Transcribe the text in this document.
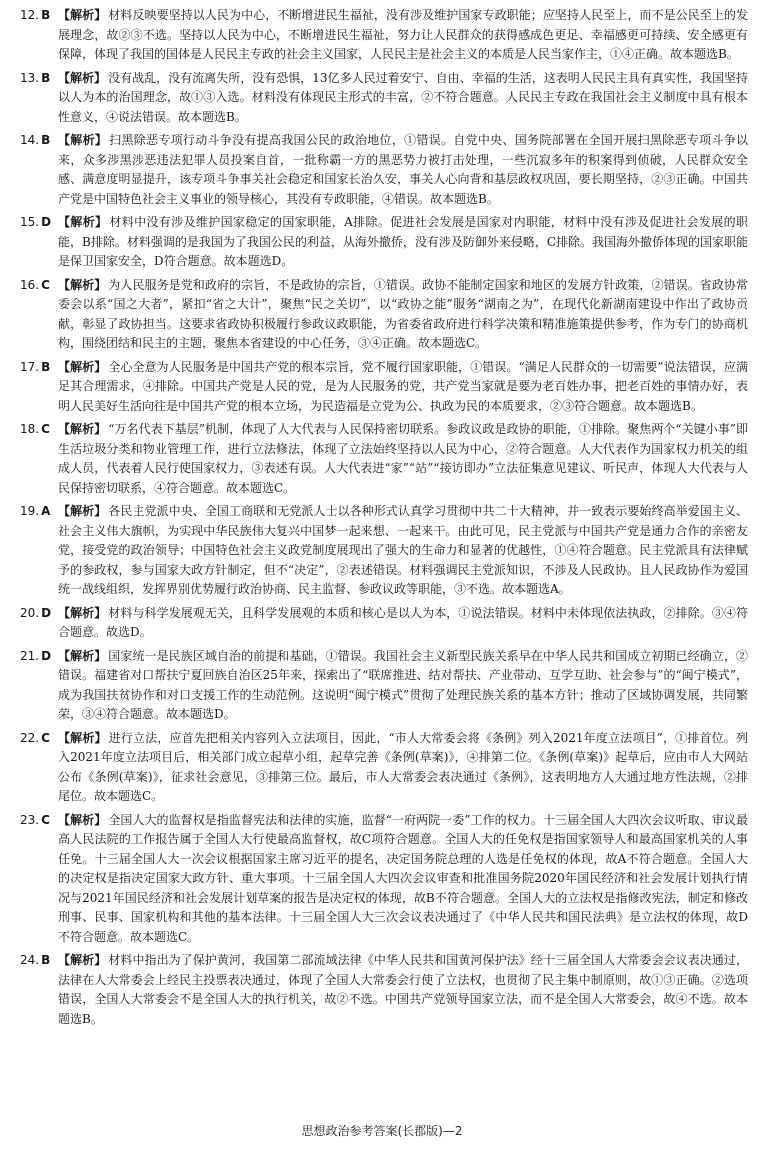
12. B 【解析】 材料反映要坚持以人民为中心，不断增进民生福祉，没有涉及维护国家专政职能；应坚持人民至上，而不是公民至上的发展理念，故②③不选。坚持以人民为中心，不断增进民生福祉，努力让人民群众的获得感成色更足、幸福感更可持续、安全感更有保障，体现了我国的国体是人民民主专政的社会主义国家，人民民主是社会主义的本质是人民当家作主，①④正确。故本题选B。
13. B 【解析】 没有战乱，没有流离失所，没有恐惧，13亿多人民过着安宁、自由、幸福的生活，这表明人民民主具有真实性，我国坚持以人为本的治国理念，故①③入选。材料没有体现民主形式的丰富，②不符合题意。人民民主专政在我国社会主义制度中具有根本性意义，④说法错误。故本题选B。
14. B 【解析】 扫黑除恶专项行动斗争没有提高我国公民的政治地位，①错误。自党中央、国务院部署在全国开展扫黑除恶专项斗争以来，众多涉黑涉恶违法犯罪人员投案自首，一批称霸一方的黑恶势力被打击处理，一些沉寂多年的积案得到侦破，人民群众安全感、满意度明显提升，该专项斗争事关社会稳定和国家长治久安，事关人心向背和基层政权巩固，要长期坚持，②③正确。中国共产党是中国特色社会主义事业的领导核心，其没有专政职能，④错误。故本题选B。
15. D 【解析】 材料中没有涉及维护国家稳定的国家职能，A排除。促进社会发展是国家对内职能，材料中没有涉及促进社会发展的职能，B排除。材料强调的是我国为了我国公民的利益，从海外撤侨，没有涉及防御外来侵略，C排除。我国海外撤侨体现的国家职能是保卫国家安全，D符合题意。故本题选D。
16. C 【解析】 为人民服务是党和政府的宗旨，不是政协的宗旨，①错误。政协不能制定国家和地区的发展方针政策，②错误。省政协常委会以系“国之大者”，紧扣“省之大计”，聚焦“民之关切”，以“政协之能”服务“湖南之为”，在现代化新湖南建设中作出了政协贡献，彰显了政协担当。这要求省政协积极履行参政议政职能，为省委省政府进行科学决策和精准施策提供参考，作为专门的协商机构，围绕团结和民主的主题，聚焦本省建设的中心任务，③④正确。故本题选C。
17. B 【解析】 全心全意为人民服务是中国共产党的根本宗旨，党不履行国家职能，①错误。“满足人民群众的一切需要”说法错误，应满足其合理需求，④排除。中国共产党是人民的党，是为人民服务的党，共产党当家就是要为老百姓办事，把老百姓的事情办好，表明人民美好生活向往是中国共产党的根本立场，为民造福是立党为公、执政为民的本质要求，②③符合题意。故本题选B。
18. C 【解析】 “万名代表下基层”机制，体现了人大代表与人民保持密切联系。参政议政是政协的职能，①排除。聚焦两个“关键小事”即生活垃圾分类和物业管理工作，进行立法修法，体现了立法始终坚持以人民为中心，②符合题意。人大代表作为国家权力机关的组成人员，代表着人民行使国家权力，③表述有误。人大代表进“家”“站”“接访即办”立法征集意见建议、听民声，体现人大代表与人民保持密切联系，④符合题意。故本题选C。
19. A 【解析】 各民主党派中央、全国工商联和无党派人士以各种形式认真学习贯彻中共二十大精神，并一致表示要始终高举爱国主义、社会主义伟大旗帜，为实现中华民族伟大复兴中国梦一起来想、一起来干。由此可见，民主党派与中国共产党是通力合作的亲密友党，接受党的政治领导；中国特色社会主义政党制度展现出了强大的生命力和显著的优越性，①④符合题意。民主党派具有法律赋予的参政权，参与国家大政方针制定，但不“决定”，②表述错误。材料强调民主党派知识，不涉及人民政协。且人民政协作为爱国统一战线组织，发挥界别优势履行政治协商、民主监督、参政议政等职能，③不选。故本题选A。
20. D 【解析】 材料与科学发展观无关，且科学发展观的本质和核心是以人为本，①说法错误。材料中未体现依法执政，②排除。③④符合题意。故选D。
21. D 【解析】 国家统一是民族区域自治的前提和基础，①错误。我国社会主义新型民族关系早在中华人民共和国成立初期已经确立，②错误。福建省对口帮扶宁夏回族自治区25年来，探索出了“联席推进、结对帮扶、产业带动、互学互助、社会参与”的“闽宁模式”，成为我国扶贫协作和对口支援工作的生动范例。这说明“闽宁模式”贯彻了处理民族关系的基本方针；推动了区域协调发展，共同繁荣，③④符合题意。故本题选D。
22. C 【解析】 进行立法，应首先把相关内容列入立法项目，因此，“市人大常委会将《条例》列入2021年度立法项目”，①排首位。列入2021年度立法项目后，相关部门成立起草小组，起草完善《条例(草案)》，④排第二位。《条例(草案)》起草后，应由市人大网站公布《条例(草案)》，征求社会意见，③排第三位。最后，市人大常委会表决通过《条例》，这表明地方人大通过地方性法规，②排尾位。故本题选C。
23. C 【解析】 全国人大的监督权是指监督宪法和法律的实施，监督“一府两院一委”工作的权力。十三届全国人大四次会议听取、审议最高人民法院的工作报告属于全国人大行使最高监督权，故C项符合题意。全国人大的任免权是指国家领导人和最高国家机关的人事任免。十三届全国人大一次会议根据国家主席习近平的提名，决定国务院总理的人选是任免权的体现，故A不符合题意。全国人大的决定权是指决定国家大政方针、重大事项。十三届全国人大四次会议审查和批准国务院2020年国民经济和社会发展计划执行情况与2021年国民经济和社会发展计划草案的报告是决定权的体现，故B不符合题意。全国人大的立法权是指修改宪法，制定和修改刑事、民事、国家机构和其他的基本法律。十三届全国人大三次会议表决通过了《中华人民共和国民法典》是立法权的体现，故D不符合题意。故本题选C。
24. B 【解析】 材料中指出为了保护黄河，我国第二部流域法律《中华人民共和国黄河保护法》经十三届全国人大常委会会议表决通过，法律在人大常委会上经民主投票表决通过，体现了全国人大常委会行使了立法权，也贯彻了民主集中制原则，故①③正确。②选项错误，全国人大常委会不是全国人大的执行机关，故②不选。中国共产党领导国家立法，而不是全国人大常委会，故④不选。故本题选B。
思想政治参考答案(长郡版)—2
